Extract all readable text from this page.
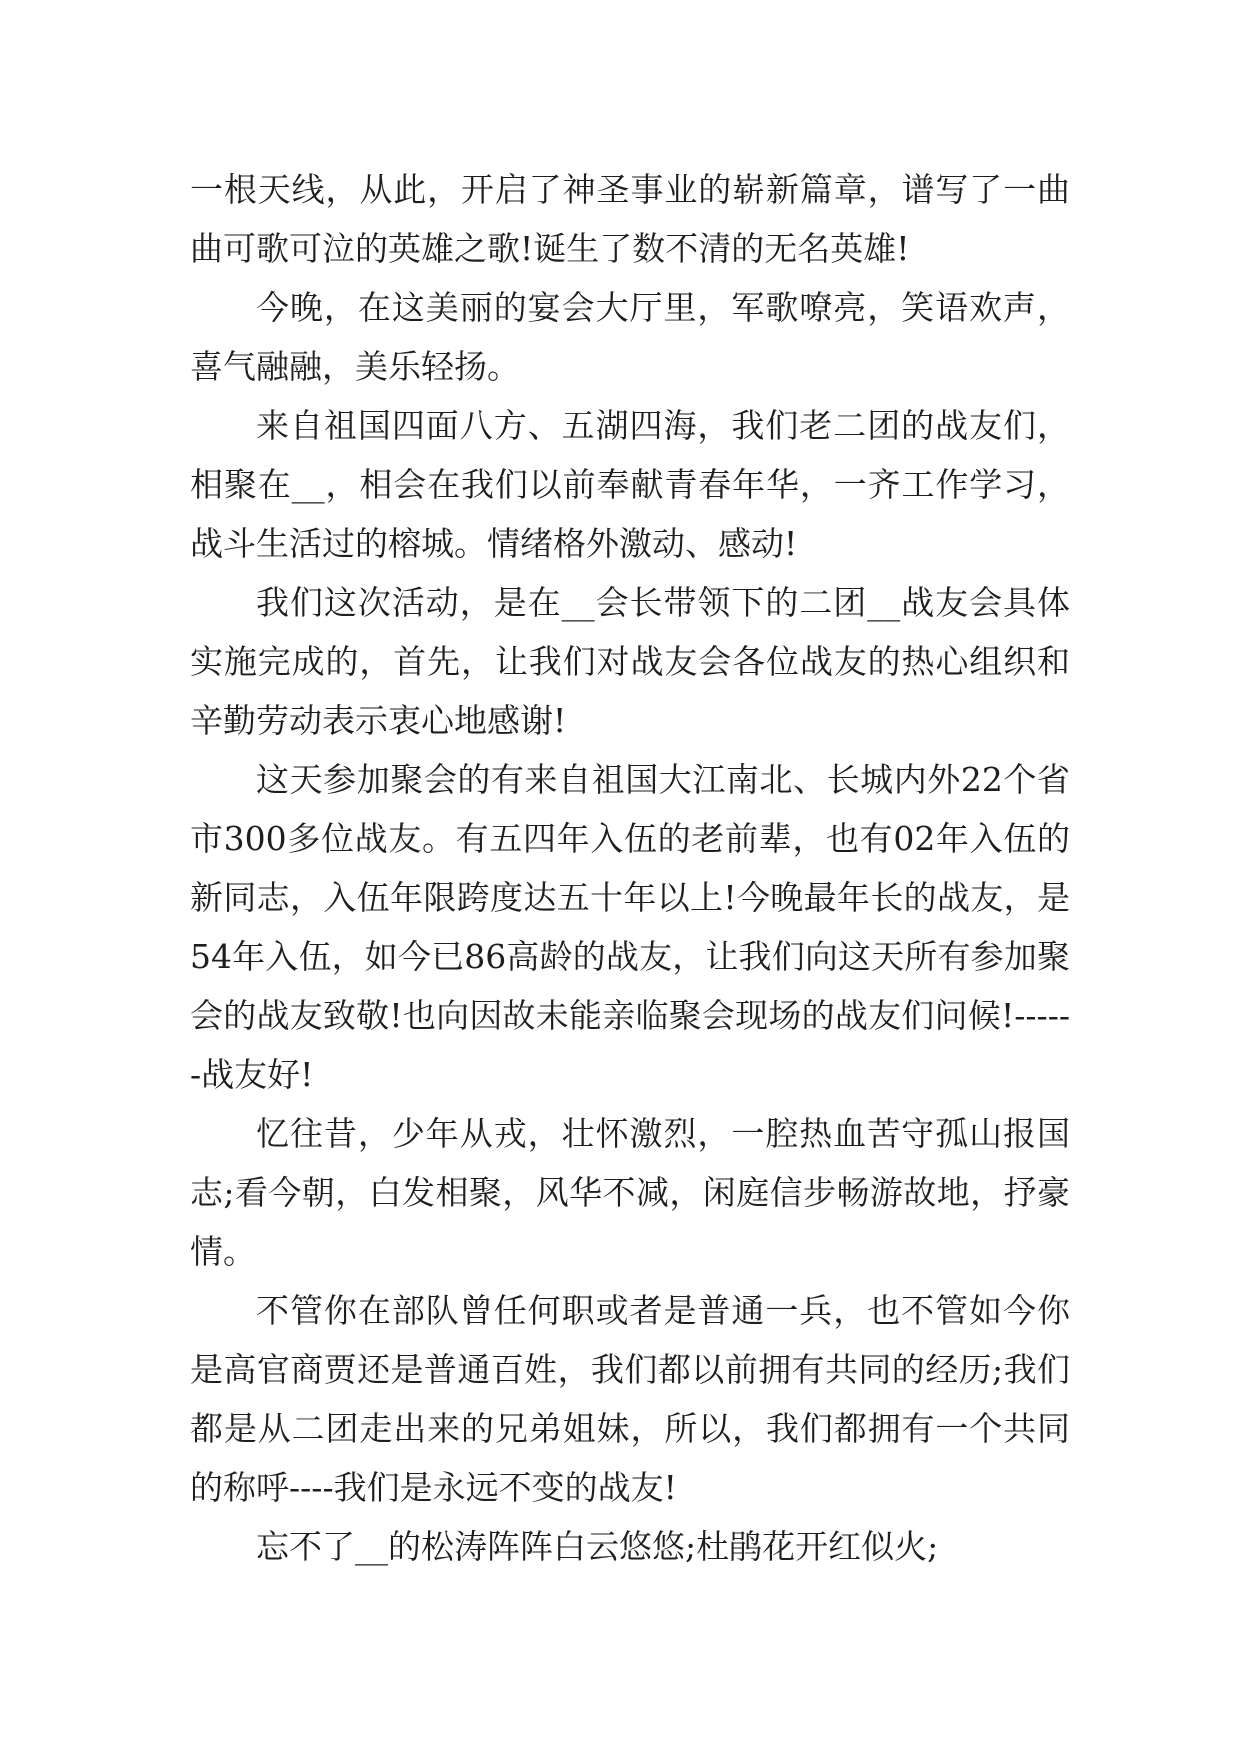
一根天线，从此，开启了神圣事业的崭新篇章，谱写了一曲曲可歌可泣的英雄之歌!诞生了数不清的无名英雄!

今晚，在这美丽的宴会大厅里，军歌嘹亮，笑语欢声，喜气融融，美乐轻扬。

来自祖国四面八方、五湖四海，我们老二团的战友们，相聚在__，相会在我们以前奉献青春年华，一齐工作学习，战斗生活过的榕城。情绪格外激动、感动!

我们这次活动，是在__会长带领下的二团__战友会具体实施完成的，首先，让我们对战友会各位战友的热心组织和辛勤劳动表示衷心地感谢!

这天参加聚会的有来自祖国大江南北、长城内外22个省市300多位战友。有五四年入伍的老前辈，也有02年入伍的新同志，入伍年限跨度达五十年以上!今晚最年长的战友，是54年入伍，如今已86高龄的战友，让我们向这天所有参加聚会的战友致敬!也向因故未能亲临聚会现场的战友们问候!------战友好!

忆往昔，少年从戎，壮怀激烈，一腔热血苦守孤山报国志;看今朝，白发相聚，风华不减，闲庭信步畅游故地，抒豪情。

不管你在部队曾任何职或者是普通一兵，也不管如今你是高官商贾还是普通百姓，我们都以前拥有共同的经历;我们都是从二团走出来的兄弟姐妹，所以，我们都拥有一个共同的称呼----我们是永远不变的战友!

忘不了__的松涛阵阵白云悠悠;杜鹃花开红似火;
